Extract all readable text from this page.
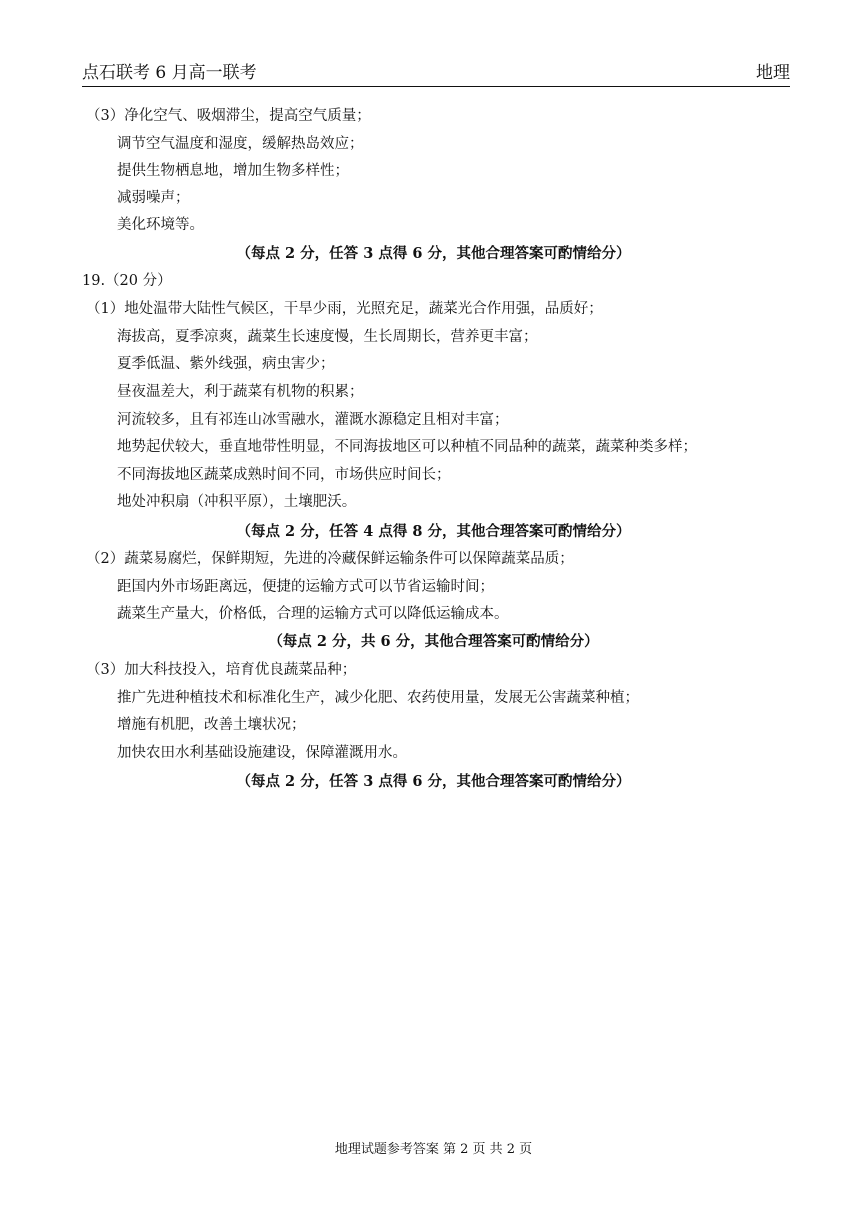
点石联考 6 月高一联考	地理
（3）净化空气、吸烟滞尘，提高空气质量；
调节空气温度和湿度，缓解热岛效应；
提供生物栖息地，增加生物多样性；
减弱噪声；
美化环境等。
（每点 2 分，任答 3 点得 6 分，其他合理答案可酌情给分）
19.（20 分）
（1）地处温带大陆性气候区，干旱少雨，光照充足，蔬菜光合作用强，品质好；
海拔高，夏季凉爽，蔬菜生长速度慢，生长周期长，营养更丰富；
夏季低温、紫外线强，病虫害少；
昼夜温差大，利于蔬菜有机物的积累；
河流较多，且有祁连山冰雪融水，灌溉水源稳定且相对丰富；
地势起伏较大，垂直地带性明显，不同海拔地区可以种植不同品种的蔬菜，蔬菜种类多样；
不同海拔地区蔬菜成熟时间不同，市场供应时间长；
地处冲积扇（冲积平原），土壤肥沃。
（每点 2 分，任答 4 点得 8 分，其他合理答案可酌情给分）
（2）蔬菜易腐烂，保鲜期短，先进的冷藏保鲜运输条件可以保障蔬菜品质；
距国内外市场距离远，便捷的运输方式可以节省运输时间；
蔬菜生产量大，价格低，合理的运输方式可以降低运输成本。
（每点 2 分，共 6 分，其他合理答案可酌情给分）
（3）加大科技投入，培育优良蔬菜品种；
推广先进种植技术和标准化生产，减少化肥、农药使用量，发展无公害蔬菜种植；
增施有机肥，改善土壤状况；
加快农田水利基础设施建设，保障灌溉用水。
（每点 2 分，任答 3 点得 6 分，其他合理答案可酌情给分）
地理试题参考答案 第 2 页 共 2 页
